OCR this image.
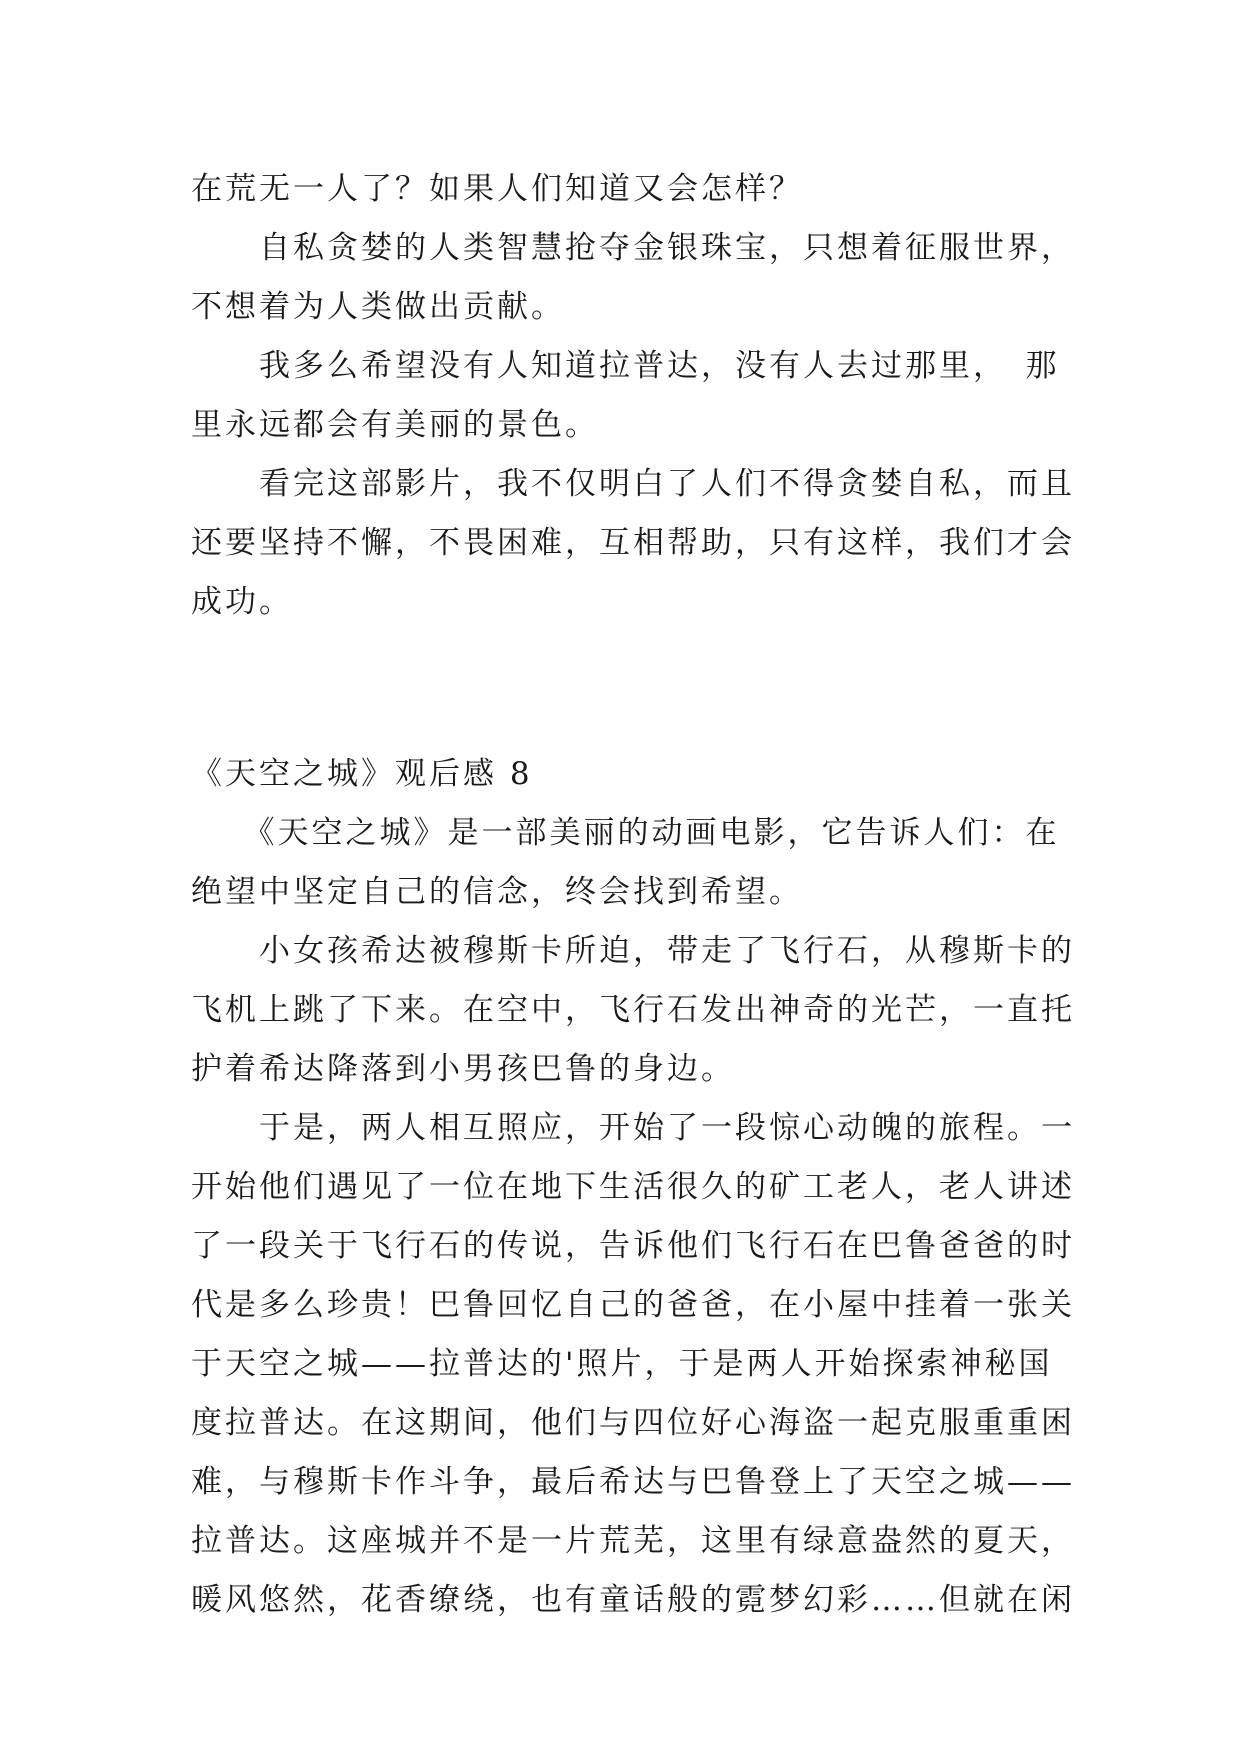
在荒无一人了？如果人们知道又会怎样？
　　自私贪婪的人类智慧抢夺金银珠宝，只想着征服世界，
不想着为人类做出贡献。
　　我多么希望没有人知道拉普达，没有人去过那里，　那
里永远都会有美丽的景色。
　　看完这部影片，我不仅明白了人们不得贪婪自私，而且
还要坚持不懈，不畏困难，互相帮助，只有这样，我们才会
成功。
《天空之城》观后感 8
　　《天空之城》是一部美丽的动画电影，它告诉人们：在
绝望中坚定自己的信念，终会找到希望。
　　小女孩希达被穆斯卡所迫，带走了飞行石，从穆斯卡的
飞机上跳了下来。在空中，飞行石发出神奇的光芒，一直托
护着希达降落到小男孩巴鲁的身边。
　　于是，两人相互照应，开始了一段惊心动魄的旅程。一
开始他们遇见了一位在地下生活很久的矿工老人，老人讲述
了一段关于飞行石的传说，告诉他们飞行石在巴鲁爸爸的时
代是多么珍贵！巴鲁回忆自己的爸爸，在小屋中挂着一张关
于天空之城——拉普达的'照片，于是两人开始探索神秘国
度拉普达。在这期间，他们与四位好心海盗一起克服重重困
难，与穆斯卡作斗争，最后希达与巴鲁登上了天空之城——
拉普达。这座城并不是一片荒芜，这里有绿意盎然的夏天，
暖风悠然，花香缭绕，也有童话般的霓梦幻彩……但就在闲
